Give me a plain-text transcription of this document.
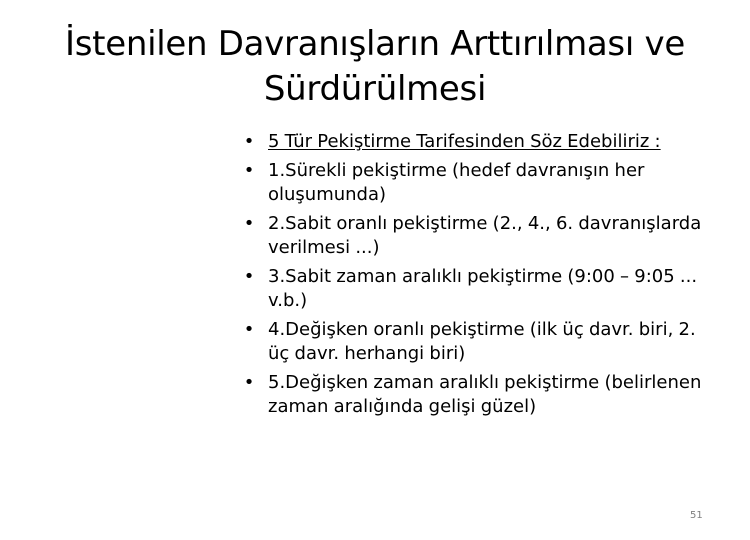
İstenilen Davranışların Arttırılması ve
Sürdürülmesi
• 5 Tür Pekiştirme Tarifesinden Söz Edebiliriz :
• 1.Sürekli pekiştirme (hedef davranışın her oluşumunda)
• 2.Sabit oranlı pekiştirme (2., 4., 6. davranışlarda verilmesi ...)
• 3.Sabit zaman aralıklı pekiştirme (9:00 – 9:05 ... v.b.)
• 4.Değişken oranlı pekiştirme (ilk üç davr. biri, 2. üç davr. herhangi biri)
• 5.Değişken zaman aralıklı pekiştirme (belirlenen zaman aralığında gelişi güzel)
51
